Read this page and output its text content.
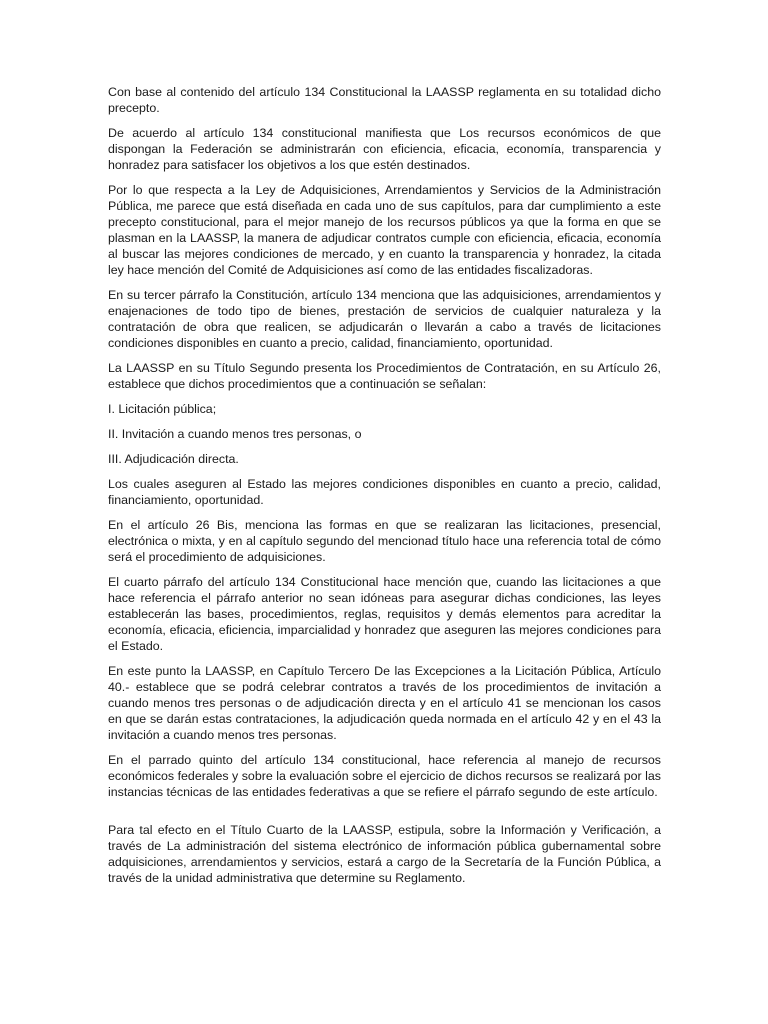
Con base al contenido del artículo 134 Constitucional la LAASSP reglamenta en su totalidad dicho precepto.

De acuerdo al artículo 134 constitucional manifiesta que Los recursos económicos de que dispongan la Federación se administrarán con eficiencia, eficacia, economía, transparencia y honradez para satisfacer los objetivos a los que estén destinados.

Por lo que respecta a la Ley de Adquisiciones, Arrendamientos y Servicios de la Administración Pública, me parece que está diseñada en cada uno de sus capítulos, para dar cumplimiento a este precepto constitucional, para el mejor manejo de los recursos públicos ya que la forma en que se plasman en la LAASSP, la manera de adjudicar contratos cumple con eficiencia, eficacia, economía al buscar las mejores condiciones de mercado, y en cuanto la transparencia y honradez, la citada ley hace mención del Comité de Adquisiciones así como de las entidades fiscalizadoras.

En su tercer párrafo la Constitución, artículo 134 menciona que las adquisiciones, arrendamientos y enajenaciones de todo tipo de bienes, prestación de servicios de cualquier naturaleza y la contratación de obra que realicen, se adjudicarán o llevarán a cabo a través de licitaciones condiciones disponibles en cuanto a precio, calidad, financiamiento, oportunidad.

La LAASSP en su Título Segundo presenta los Procedimientos de Contratación, en su Artículo 26, establece que dichos procedimientos que a continuación se señalan:

I. Licitación pública;

II. Invitación a cuando menos tres personas, o

III. Adjudicación directa.

Los cuales aseguren al Estado las mejores condiciones disponibles en cuanto a precio, calidad, financiamiento, oportunidad.

En el artículo 26 Bis, menciona las formas en que se realizaran las licitaciones, presencial, electrónica o mixta, y en al capítulo segundo del mencionad título hace una referencia total de cómo será el procedimiento de adquisiciones.

El cuarto párrafo del artículo 134 Constitucional hace mención que, cuando las licitaciones a que hace referencia el párrafo anterior no sean idóneas para asegurar dichas condiciones, las leyes establecerán las bases, procedimientos, reglas, requisitos y demás elementos para acreditar la economía, eficacia, eficiencia, imparcialidad y honradez que aseguren las mejores condiciones para el Estado.

En este punto la LAASSP, en Capítulo Tercero De las Excepciones a la Licitación Pública, Artículo 40.- establece que se podrá celebrar contratos a través de los procedimientos de invitación a cuando menos tres personas o de adjudicación directa y en el artículo 41 se mencionan los casos en que se darán estas contrataciones, la adjudicación queda normada en el artículo 42 y en el 43 la invitación a cuando menos tres personas.

En el parrado quinto del artículo 134 constitucional, hace referencia al manejo de recursos económicos federales y sobre la evaluación sobre el ejercicio de dichos recursos se realizará por las instancias técnicas de las entidades federativas a que se refiere el párrafo segundo de este artículo.

Para tal efecto en el Título Cuarto de la LAASSP, estipula, sobre la Información y Verificación, a través de La administración del sistema electrónico de información pública gubernamental sobre adquisiciones, arrendamientos y servicios, estará a cargo de la Secretaría de la Función Pública, a través de la unidad administrativa que determine su Reglamento.
